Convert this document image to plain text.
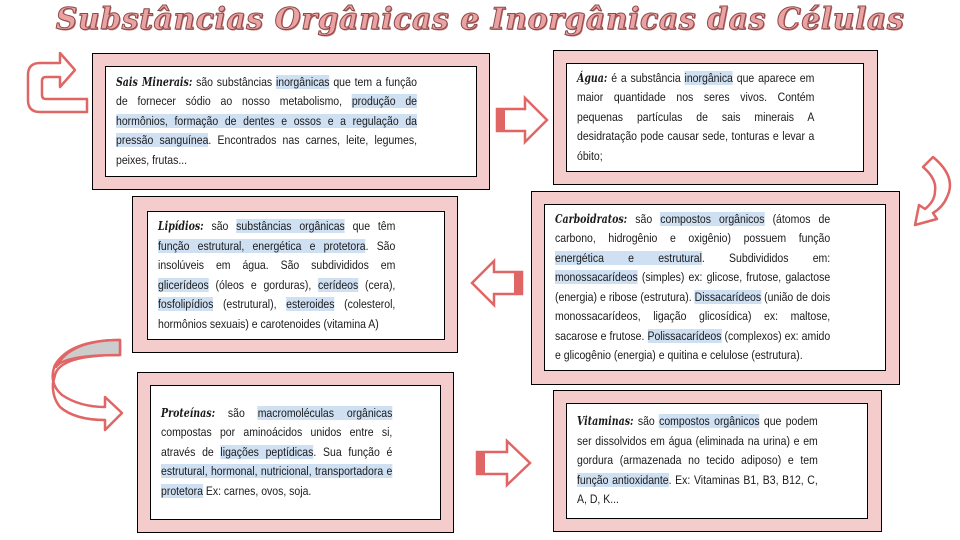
Substâncias Orgânicas e Inorgânicas das Células

Sais Minerais: são substâncias inorgânicas que tem a função de fornecer sódio ao nosso metabolismo, produção de hormônios, formação de dentes e ossos e a regulação da pressão sanguínea. Encontrados nas carnes, leite, legumes, peixes, frutas...

Água: é a substância inorgânica que aparece em maior quantidade nos seres vivos. Contém pequenas partículas de sais minerais A desidratação pode causar sede, tonturas e levar a óbito;

Lipídios: são substâncias orgânicas que têm função estrutural, energética e protetora. São insolúveis em água. São subdivididos em glicerídeos (óleos e gorduras), cerídeos (cera), fosfolipídios (estrutural), esteroides (colesterol, hormônios sexuais) e carotenoides (vitamina A)

Carboidratos: são compostos orgânicos (átomos de carbono, hidrogênio e oxigênio) possuem função energética e estrutural. Subdivididos em: monossacarídeos (simples) ex: glicose, frutose, galactose (energia) e ribose (estrutura). Dissacarídeos (união de dois monossacarídeos, ligação glicosídica) ex: maltose, sacarose e frutose. Polissacarídeos (complexos) ex: amido e glicogênio (energia) e quitina e celulose (estrutura).

Proteínas: são macromoléculas orgânicas compostas por aminoácidos unidos entre si, através de ligações peptídicas. Sua função é estrutural, hormonal, nutricional, transportadora e protetora Ex: carnes, ovos, soja.

Vitaminas: são compostos orgânicos que podem ser dissolvidos em água (eliminada na urina) e em gordura (armazenada no tecido adiposo) e tem função antioxidante. Ex: Vitaminas B1, B3, B12, C, A, D, K...
